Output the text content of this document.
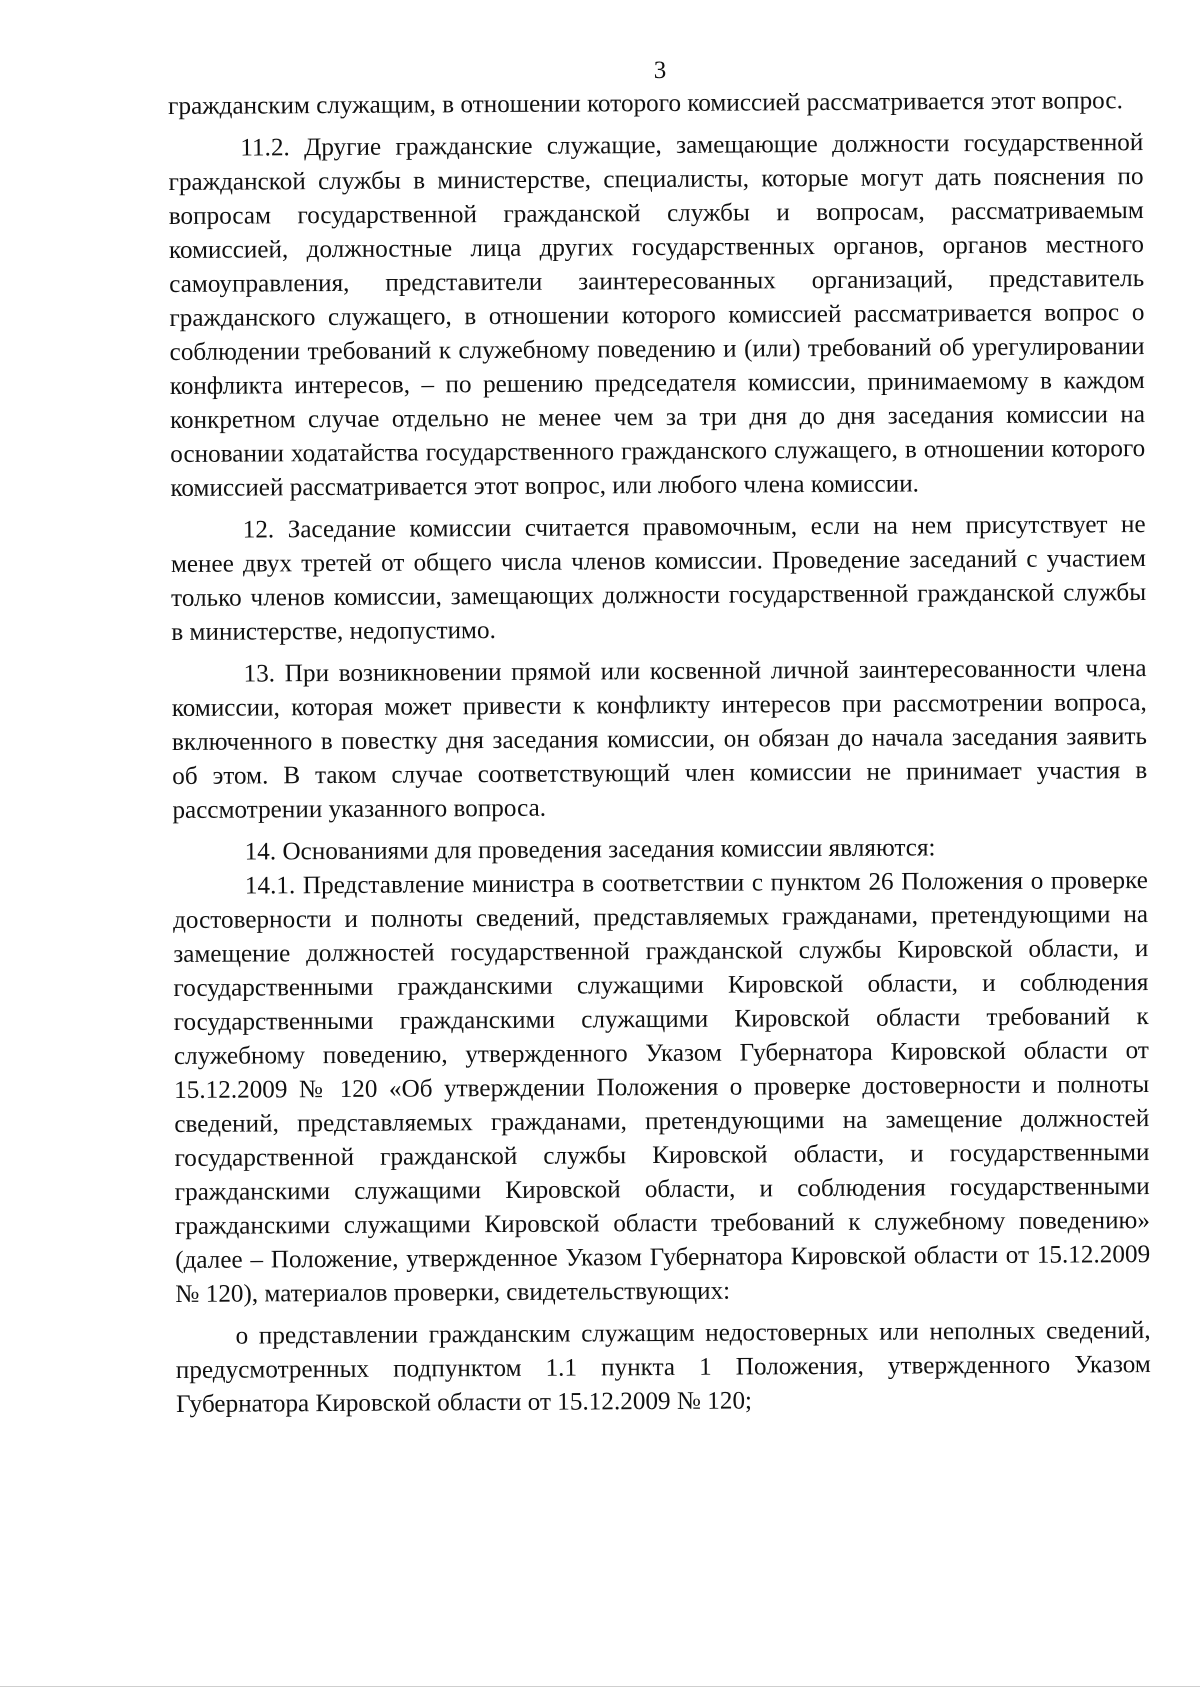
3

гражданским служащим, в отношении которого комиссией рассматривается этот вопрос.

11.2. Другие гражданские служащие, замещающие должности государственной гражданской службы в министерстве, специалисты, которые могут дать пояснения по вопросам государственной гражданской службы и вопросам, рассматриваемым комиссией, должностные лица других государственных органов, органов местного самоуправления, представители заинтересованных организаций, представитель гражданского служащего, в отношении которого комиссией рассматривается вопрос о соблюдении требований к служебному поведению и (или) требований об урегулировании конфликта интересов, – по решению председателя комиссии, принимаемому в каждом конкретном случае отдельно не менее чем за три дня до дня заседания комиссии на основании ходатайства государственного гражданского служащего, в отношении которого комиссией рассматривается этот вопрос, или любого члена комиссии.

12. Заседание комиссии считается правомочным, если на нем присутствует не менее двух третей от общего числа членов комиссии. Проведение заседаний с участием только членов комиссии, замещающих должности государственной гражданской службы в министерстве, недопустимо.

13. При возникновении прямой или косвенной личной заинтересованности члена комиссии, которая может привести к конфликту интересов при рассмотрении вопроса, включенного в повестку дня заседания комиссии, он обязан до начала заседания заявить об этом. В таком случае соответствующий член комиссии не принимает участия в рассмотрении указанного вопроса.

14. Основаниями для проведения заседания комиссии являются:

14.1. Представление министра в соответствии с пунктом 26 Положения о проверке достоверности и полноты сведений, представляемых гражданами, претендующими на замещение должностей государственной гражданской службы Кировской области, и государственными гражданскими служащими Кировской области, и соблюдения государственными гражданскими служащими Кировской области требований к служебному поведению, утвержденного Указом Губернатора Кировской области от 15.12.2009 № 120 «Об утверждении Положения о проверке достоверности и полноты сведений, представляемых гражданами, претендующими на замещение должностей государственной гражданской службы Кировской области, и государственными гражданскими служащими Кировской области, и соблюдения государственными гражданскими служащими Кировской области требований к служебному поведению» (далее – Положение, утвержденное Указом Губернатора Кировской области от 15.12.2009 № 120), материалов проверки, свидетельствующих:

о представлении гражданским служащим недостоверных или неполных сведений, предусмотренных подпунктом 1.1 пункта 1 Положения, утвержденного Указом Губернатора Кировской области от 15.12.2009 № 120;
